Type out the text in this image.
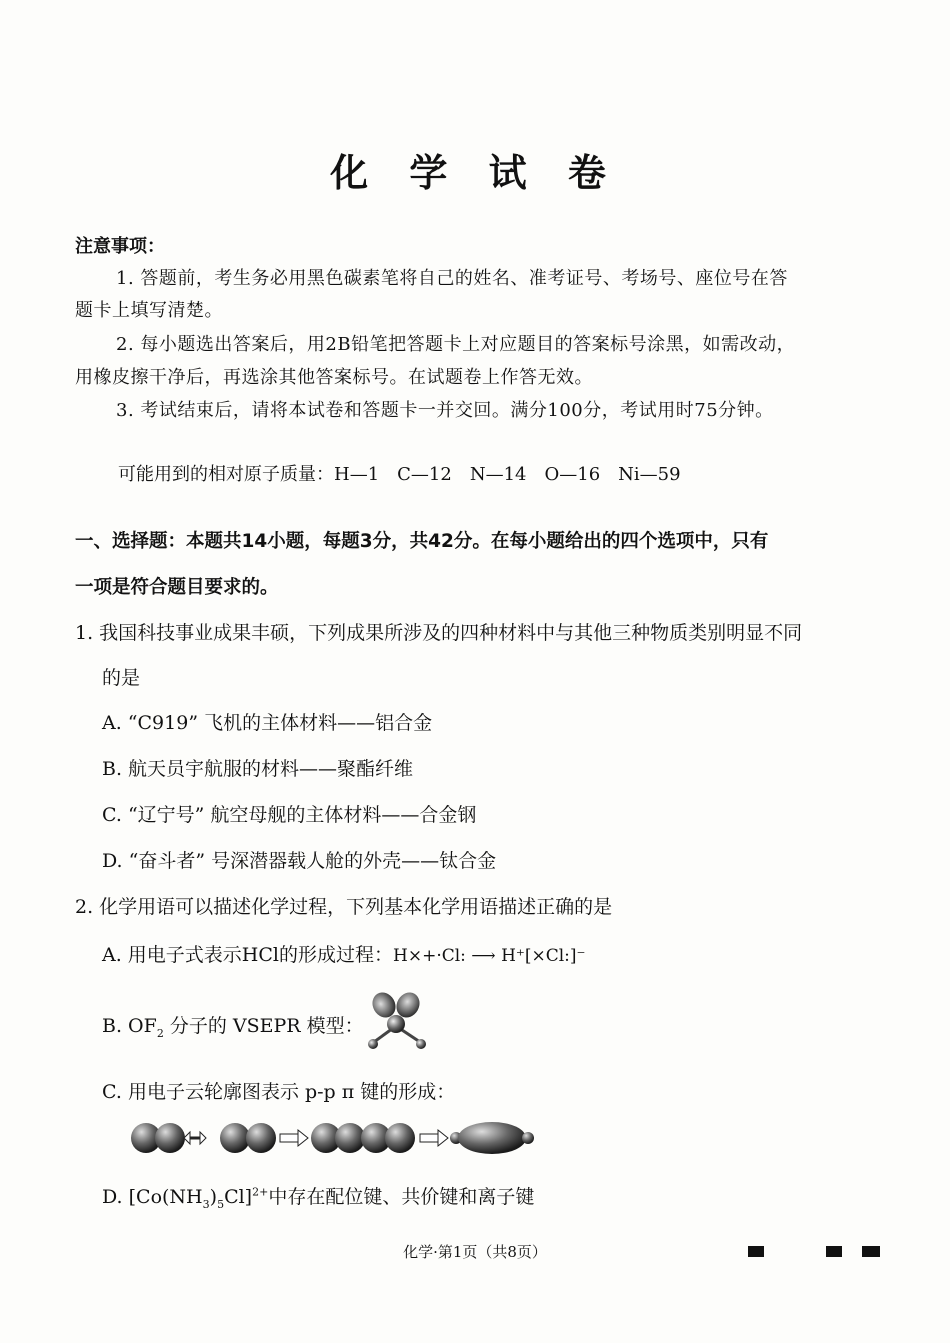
化 学 试 卷
注意事项：
1. 答题前，考生务必用黑色碳素笔将自己的姓名、准考证号、考场号、座位号在答
题卡上填写清楚。
2. 每小题选出答案后，用2B铅笔把答题卡上对应题目的答案标号涂黑，如需改动，
用橡皮擦干净后，再选涂其他答案标号。在试题卷上作答无效。
3. 考试结束后，请将本试卷和答题卡一并交回。满分100分，考试用时75分钟。
可能用到的相对原子质量：H—1　C—12　N—14　O—16　Ni—59
一、选择题：本题共14小题，每题3分，共42分。在每小题给出的四个选项中，只有
一项是符合题目要求的。
1. 我国科技事业成果丰硕，下列成果所涉及的四种材料中与其他三种物质类别明显不同
的是
A. “C919” 飞机的主体材料——铝合金
B. 航天员宇航服的材料——聚酯纤维
C. “辽宁号” 航空母舰的主体材料——合金钢
D. “奋斗者” 号深潜器载人舱的外壳——钛合金
2. 化学用语可以描述化学过程，下列基本化学用语描述正确的是
A. 用电子式表示HCl的形成过程：H×+·Cl: ⟶ H⁺[×Cl:]⁻
B. $OF_2$ 分子的 VSEPR 模型：
C. 用电子云轮廓图表示 p-p π 键的形成：
D. $[Co(NH_3)_5Cl]^{2+}$中存在配位键、共价键和离子键
化学·第1页（共8页）
